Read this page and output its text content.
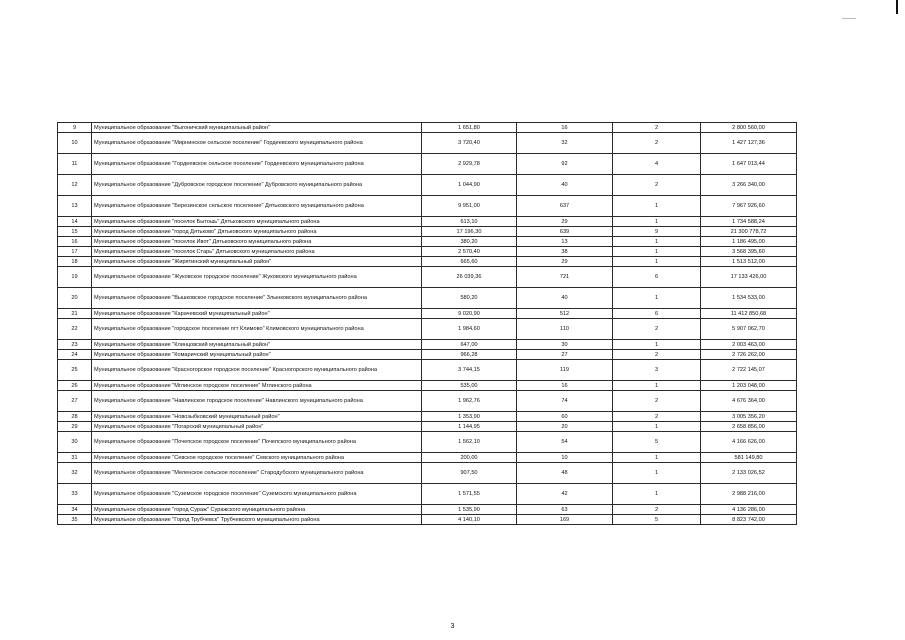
9	Муниципальное образование "Выгоничский муниципальный район"	1 651,80	16	2	2 800 560,00
10	Муниципальное образование "Мирнинское сельское поселение" Гордеевского муниципального района	3 720,40	32	2	1 427 127,36
11	Муниципальное образование "Гордеевское сельское поселение" Гордеевского муниципального района	2 929,78	92	4	1 647 013,44
12	Муниципальное образование "Дубровское городское поселение" Дубровского муниципального района	1 044,90	40	2	3 266 340,00
13	Муниципальное образование "Березинское сельское поселение" Дятьковского муниципального района	9 951,00	637	1	7 967 926,60
14	Муниципальное образование "поселок Бытошь" Дятьковского муниципального района	613,10	29	1	1 734 588,24
15	Муниципальное образование "город Дятьково" Дятьковского муниципального района	17 196,30	639	9	21 300 778,72
16	Муниципальное образование "поселок Ивот" Дятьковского муниципального района	380,20	13	1	1 186 495,00
17	Муниципальное образование "поселок Старь" Дятьковского муниципального района	2 570,40	38	1	3 568 395,60
18	Муниципальное образование "Жирятинский муниципальный район"	665,60	29	1	1 513 512,00
19	Муниципальное образование "Жуковское городское поселение" Жуковского муниципального района	26 039,36	721	6	17 133 426,00
20	Муниципальное образование "Вышковское городское поселение" Злынковского муниципального района	580,20	40	1	1 534 533,00
21	Муниципальное образование "Карачевский муниципальный район"	9 020,90	512	6	11 412 850,68
22	Муниципальное образование "городское поселение пгт Климово" Климовского муниципального района	1 984,60	110	2	5 907 062,70
23	Муниципальное образование "Клинцовский муниципальный район"	647,00	30	1	2 003 463,00
24	Муниципальное образование "Комаричский муниципальный район"	966,28	27	2	2 726 262,00
25	Муниципальное образование "Красногорское городское поселение" Красногорского муниципального района	3 744,15	119	3	2 722 145,07
26	Муниципальное образование "Мглинское городское поселение" Мглинского района	535,00	16	1	1 203 048,00
27	Муниципальное образование "Навлинское городское поселение" Навлинского муниципального района	1 962,76	74	2	4 676 364,00
28	Муниципальное образование "Новозыбковский муниципальный район"	1 353,90	60	2	3 005 356,20
29	Муниципальное образование "Погарский муниципальный район"	1 144,95	20	1	2 658 856,00
30	Муниципальное образование "Почепское городское поселение" Почепского муниципального района	1 562,10	54	5	4 166 626,00
31	Муниципальное образование "Севское городское поселение" Севского муниципального района	200,00	10	1	581 149,80
32	Муниципальное образование "Меленское сельское поселение" Стародубского муниципального района	907,50	48	1	2 133 026,52
33	Муниципальное образование "Суземское городское поселение" Суземского муниципального района	1 571,55	42	1	2 988 216,00
34	Муниципальное образование "город Сураж" Суражского муниципального района	1 535,90	63	2	4 136 286,00
35	Муниципальное образование "Город Трубчевск" Трубчевского муниципального района	4 140,10	169	5	8 823 742,00
3
